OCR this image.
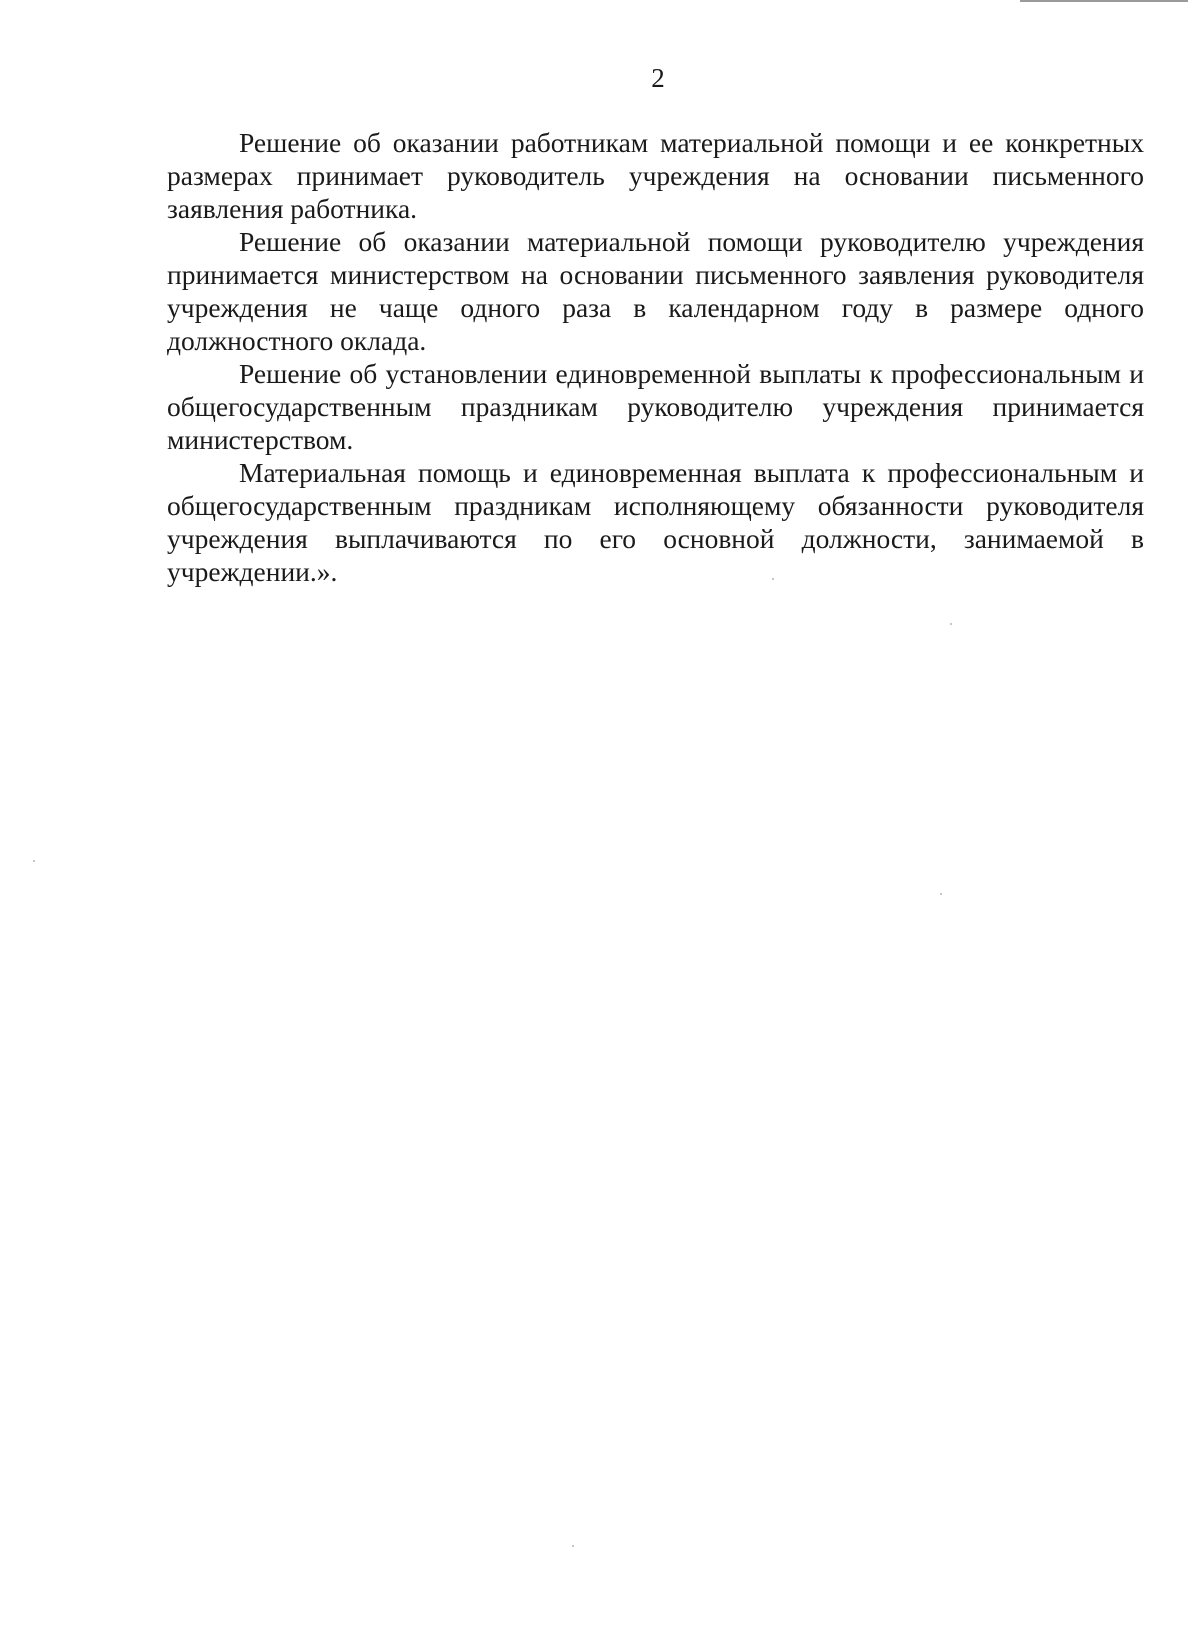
2

Решение об оказании работникам материальной помощи и ее конкретных размерах принимает руководитель учреждения на основании письменного заявления работника.

Решение об оказании материальной помощи руководителю учреждения принимается министерством на основании письменного заявления руководителя учреждения не чаще одного раза в календарном году в размере одного должностного оклада.

Решение об установлении единовременной выплаты к профессиональным и общегосударственным праздникам руководителю учреждения принимается министерством.

Материальная помощь и единовременная выплата к профессиональным и общегосударственным праздникам исполняющему обязанности руководителя учреждения выплачиваются по его основной должности, занимаемой в учреждении.».
